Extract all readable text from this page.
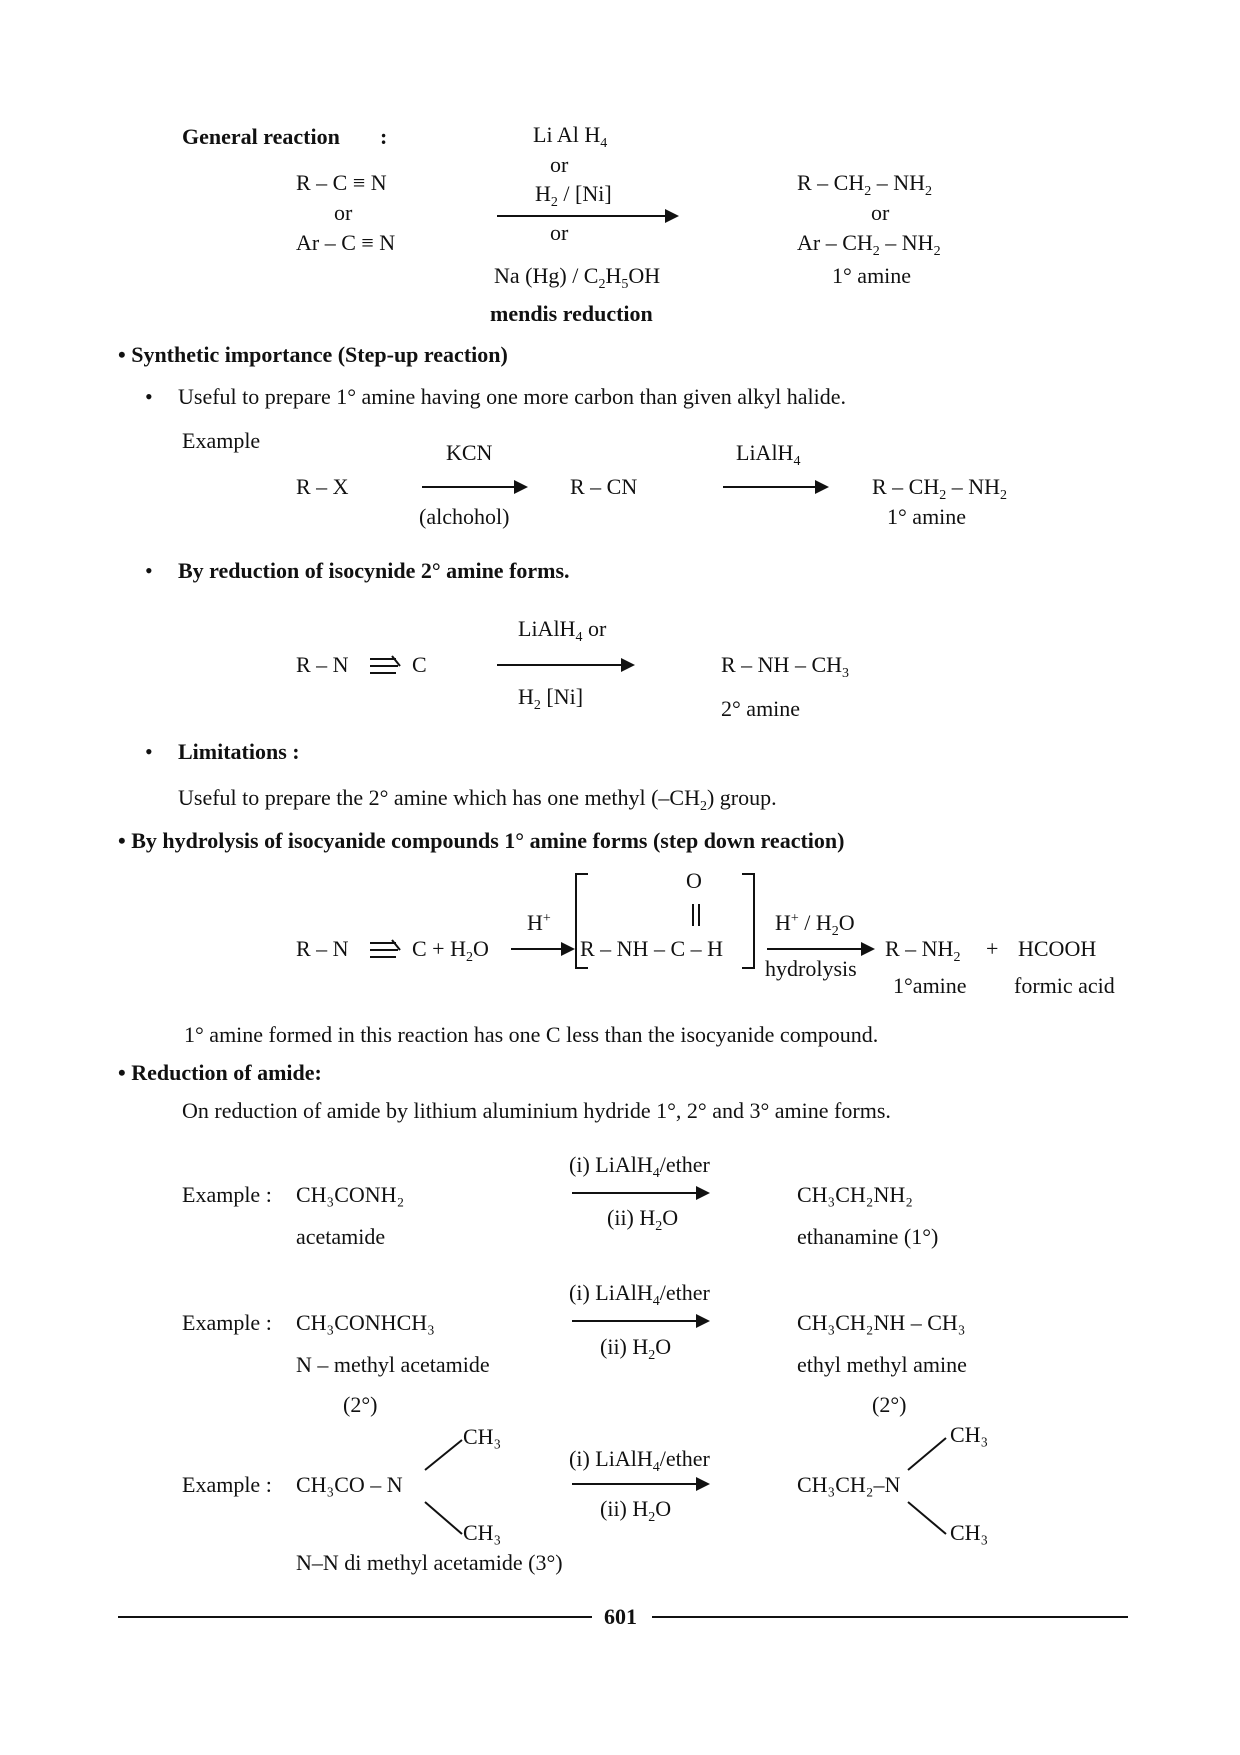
General reaction :
R – C ≡ N
or
Ar – C ≡ N
Li Al $H_4$
or
$H_2 / [Ni]$
or
Na $(Hg) / C_2H_5OH$
mendis reduction
R – $CH_2 - NH_2$
or
Ar – $CH_2 - NH_2$
1° amine
• Synthetic importance (Step-up reaction)
• Useful to prepare 1° amine having one more carbon than given alkyl halide.
Example
R – X
KCN
(alchohol)
R – CN
LiAlH$_4$
R – $CH_2 - NH_2$
1° amine
• By reduction of isocynide 2° amine forms.
R – N	C
LiAlH$_4$ or
$H_2$ [Ni]
R – NH – $CH_3$
2° amine
• Limitations :
Useful to prepare the 2° amine which has one methyl $(-CH_2)$ group.
• By hydrolysis of isocyanide compounds 1° amine forms (step down reaction)
R – N	$C + H_2O$
H+
O
R – NH – C – H
$H^+ / H_2O$
hydrolysis
R – $NH_2$ + HCOOH
1°amine formic acid
1° amine formed in this reaction has one C less than the isocyanide compound.
• Reduction of amide:
On reduction of amide by lithium aluminium hydride 1°, 2° and 3° amine forms.
Example : CH₃CONH₂
acetamide
(i) LiAlH$_4$/ether
(ii) $H_2O$
CH₃CH₂NH₂
ethanamine (1°)
Example : CH₃CONHCH₃
N – methyl acetamide
(2°)
(i) LiAlH$_4$/ether
(ii) $H_2O$
CH₃CH₂NH – CH₃
ethyl methyl amine
(2°)
Example : CH₃CO – N
CH₃
CH₃
N–N di methyl acetamide (3°)
(i) LiAlH$_4$/ether
(ii) $H_2O$
CH₃CH₂–N
CH₃
CH₃
601
